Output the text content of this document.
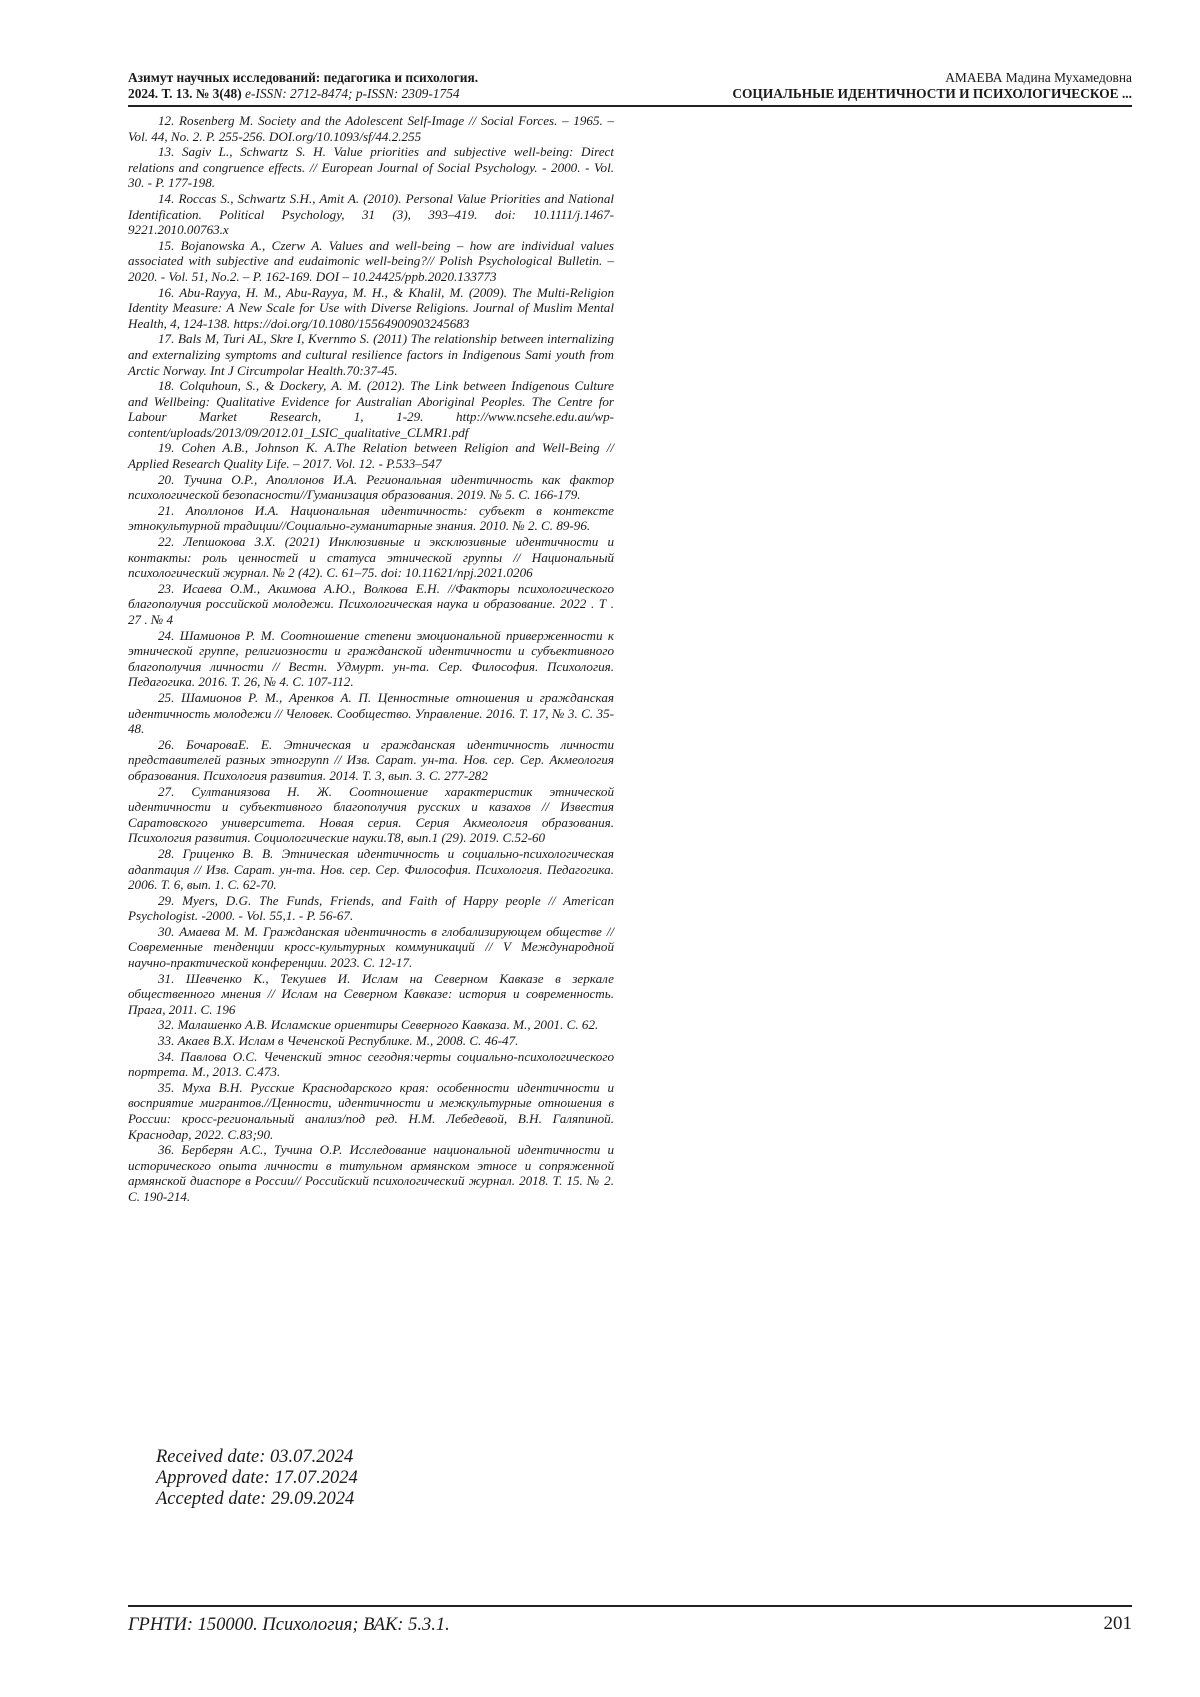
Азимут научных исследований: педагогика и психология.
2024. Т. 13. № 3(48) e-ISSN: 2712-8474; p-ISSN: 2309-1754
АМАЕВА Мадина Мухамедовна
СОЦИАЛЬНЫЕ ИДЕНТИЧНОСТИ И ПСИХОЛОГИЧЕСКОЕ ...

12. Rosenberg M. Society and the Adolescent Self-Image // Social Forces. – 1965. – Vol. 44, No. 2. P. 255-256. DOI.org/10.1093/sf/44.2.255

13. Sagiv L., Schwartz S. H. Value priorities and subjective well-being: Direct relations and congruence effects. // European Journal of Social Psychology. - 2000. - Vol. 30. - P. 177-198.

14. Roccas S., Schwartz S.H., Amit A. (2010). Personal Value Priorities and National Identification. Political Psychology, 31 (3), 393–419. doi: 10.1111/j.1467-9221.2010.00763.x

15. Bojanowska A., Czerw A. Values and well-being – how are individual values associated with subjective and eudaimonic well-being?// Polish Psychological Bulletin. – 2020. - Vol. 51, No.2. – P. 162-169. DOI – 10.24425/ppb.2020.133773

16. Abu-Rayya, H. M., Abu-Rayya, M. H., & Khalil, M. (2009). The Multi-Religion Identity Measure: A New Scale for Use with Diverse Religions. Journal of Muslim Mental Health, 4, 124-138. https://doi.org/10.1080/15564900903245683

17. Bals M, Turi AL, Skre I, Kvernmo S. (2011) The relationship between internalizing and externalizing symptoms and cultural resilience factors in Indigenous Sami youth from Arctic Norway. Int J Circumpolar Health.70:37-45.

18. Colquhoun, S., & Dockery, A. M. (2012). The Link between Indigenous Culture and Wellbeing: Qualitative Evidence for Australian Aboriginal Peoples. The Centre for Labour Market Research, 1, 1-29. http://www.ncsehe.edu.au/wp-content/uploads/2013/09/2012.01_LSIC_qualitative_CLMR1.pdf

19. Cohen A.B., Johnson K. A.The Relation between Religion and Well-Being // Applied Research Quality Life. – 2017. Vol. 12. - P.533–547

20. Тучина О.Р., Аполлонов И.А. Региональная идентичность как фактор психологической безопасности//Гуманизация образования. 2019. № 5. С. 166-179.

21. Аполлонов И.А. Национальная идентичность: субъект в контексте этнокультурной традиции//Социально-гуманитарные знания. 2010. № 2. С. 89-96.

22. Лепшокова З.Х. (2021) Инклюзивные и эксклюзивные идентичности и контакты: роль ценностей и статуса этнической группы // Национальный психологический журнал. № 2 (42). С. 61–75. doi: 10.11621/npj.2021.0206

23. Исаева О.М., Акимова А.Ю., Волкова Е.Н. //Факторы психологического благополучия российской молодежи. Психологическая наука и образование. 2022 . Т . 27 . № 4

24. Шамионов Р. М. Соотношение степени эмоциональной приверженности к этнической группе, религиозности и гражданской идентичности и субъективного благополучия личности // Вестн. Удмурт. ун-та. Сер. Философия. Психология. Педагогика. 2016. Т. 26, № 4. С. 107-112.

25. Шамионов Р. М., Аренков А. П. Ценностные отношения и гражданская идентичность молодежи // Человек. Сообщество. Управление. 2016. Т. 17, № 3. С. 35-48.

26. БочароваЕ. Е. Этническая и гражданская идентичность личности представителей разных этногрупп // Изв. Сарат. ун-та. Нов. сер. Сер. Акмеология образования. Психология развития. 2014. Т. 3, вып. 3. С. 277-282

27. Султаниязова Н. Ж. Соотношение характеристик этнической идентичности и субъективного благополучия русских и казахов // Известия Саратовского университета. Новая серия. Серия Акмеология образования. Психология развития. Социологические науки.Т8, вып.1 (29). 2019. С.52-60

28. Гриценко В. В. Этническая идентичность и социально-психологическая адаптация // Изв. Сарат. ун-та. Нов. сер. Сер. Философия. Психология. Педагогика. 2006. Т. 6, вып. 1. С. 62-70.

29. Myers, D.G. The Funds, Friends, and Faith of Happy people // American Psychologist. -2000. - Vol. 55,1. - P. 56-67.

30. Амаева М. М. Гражданская идентичность в глобализирующем обществе // Современные тенденции кросс-культурных коммуникаций // V Международной научно-практической конференции. 2023. С. 12-17.

31. Шевченко К., Текушев И. Ислам на Северном Кавказе в зеркале общественного мнения // Ислам на Северном Кавказе: история и современность. Прага, 2011. С. 196

32. Малашенко А.В. Исламские ориентиры Северного Кавказа. М., 2001. С. 62.

33. Акаев В.Х. Ислам в Чеченской Республике. М., 2008. С. 46-47.

34. Павлова О.С. Чеченский этнос сегодня:черты социально-психологического портрета. М., 2013. С.473.

35. Муха В.Н. Русские Краснодарского края: особенности идентичности и восприятие мигрантов.//Ценности, идентичности и межкультурные отношения в России: кросс-региональный анализ/под ред. Н.М. Лебедевой, В.Н. Галяпиной. Краснодар, 2022. С.83;90.

36. Берберян А.С., Тучина О.Р. Исследование национальной идентичности и исторического опыта личности в титульном армянском этносе и сопряженной армянской диаспоре в России// Российский психологический журнал. 2018. Т. 15. № 2. С. 190-214.

Received date: 03.07.2024

Approved date: 17.07.2024

Accepted date: 29.09.2024

ГРНТИ: 150000. Психология; ВАК: 5.3.1.	201
